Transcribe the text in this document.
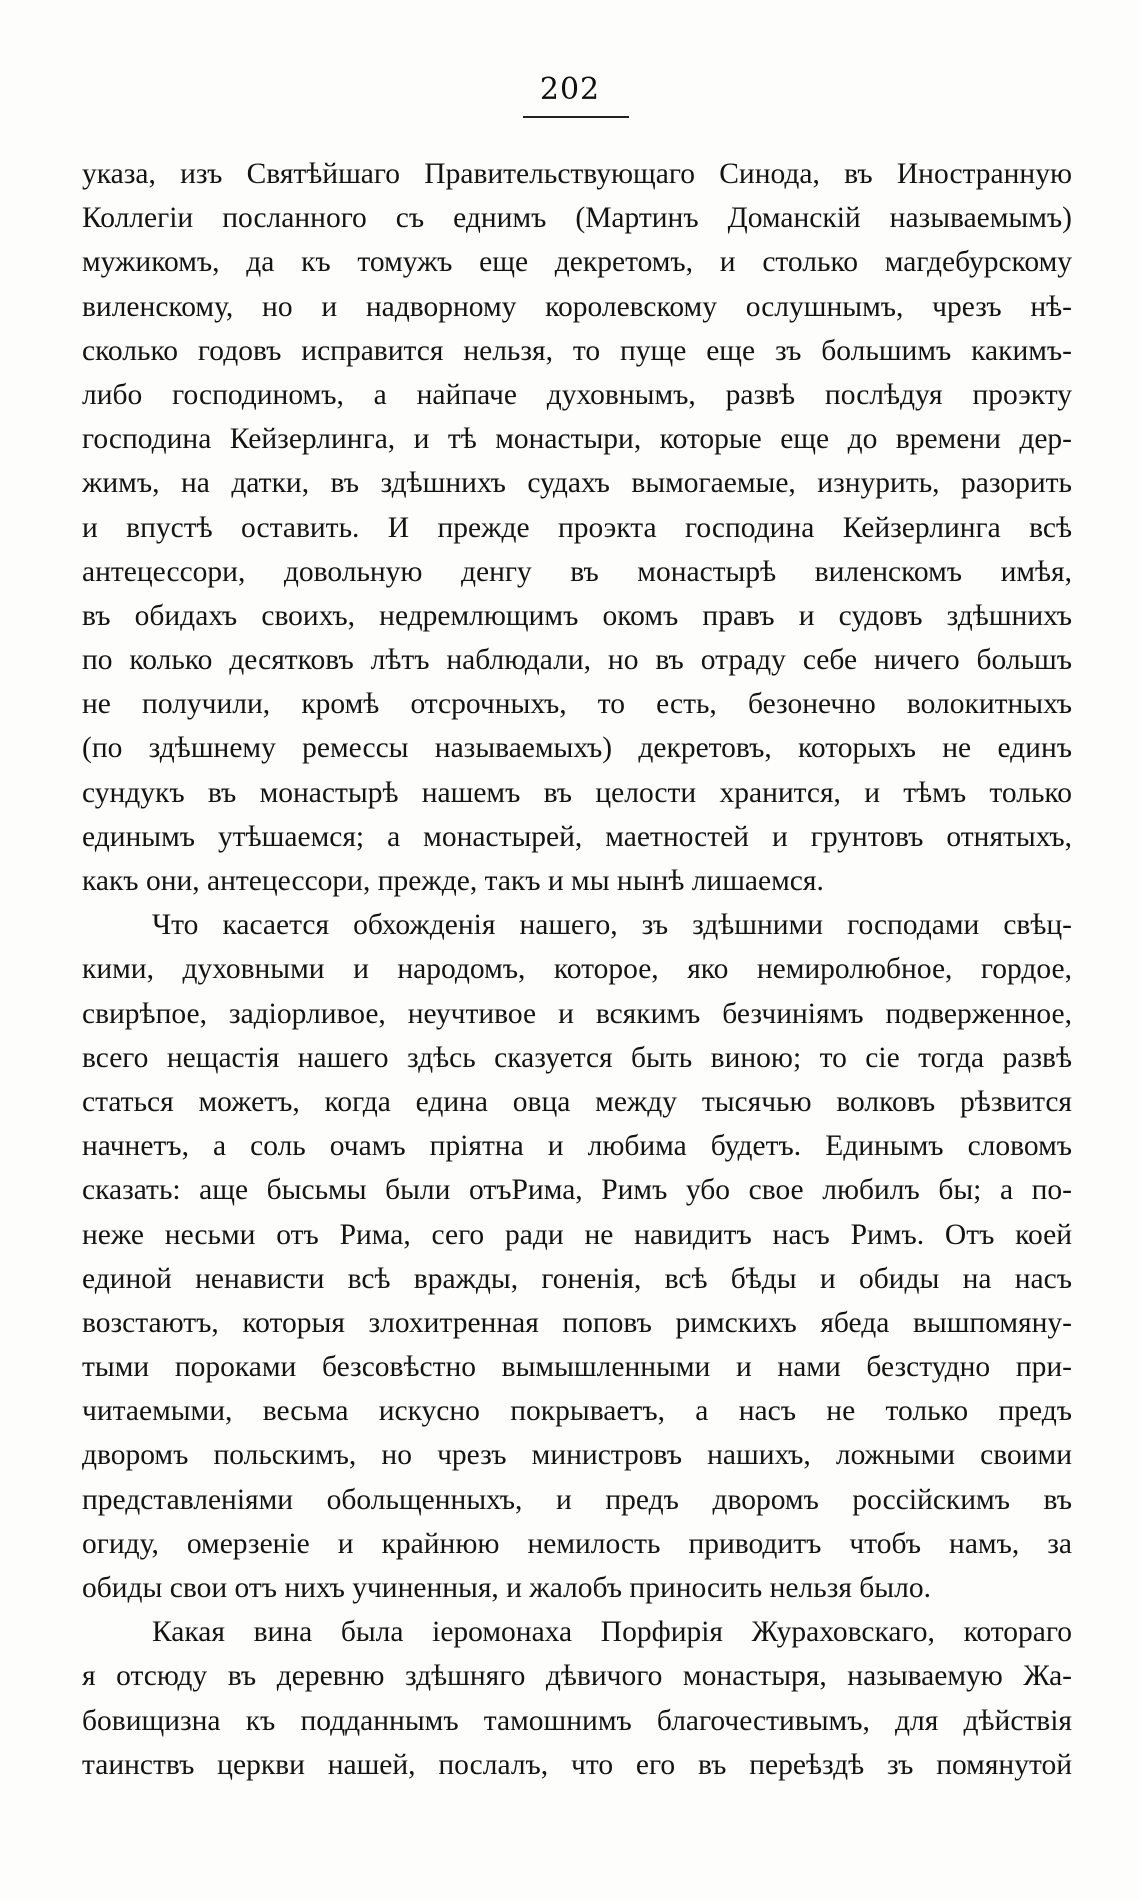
202
указа, изъ Святѣйшаго Правительствующаго Синода, въ Иностранную
Коллегіи посланного съ еднимъ (Мартинъ Доманскій называемымъ)
мужикомъ, да къ томужъ еще декретомъ, и столько магдебурскому
виленскому, но и надворному королевскому ослушнымъ, чрезъ нѣ-
сколько годовъ исправится нельзя, то пуще еще зъ большимъ какимъ-
либо господиномъ, а найпаче духовнымъ, развѣ послѣдуя проэкту
господина Кейзерлинга, и тѣ монастыри, которые еще до времени дер-
жимъ, на датки, въ здѣшнихъ судахъ вымогаемые, изнурить, разорить
и впустѣ оставить. И прежде проэкта господина Кейзерлинга всѣ
антецессори, довольную денгу въ монастырѣ виленскомъ имѣя,
въ обидахъ своихъ, недремлющимъ окомъ правъ и судовъ здѣшнихъ
по колько десятковъ лѣтъ наблюдали, но въ отраду себе ничего большъ
не получили, кромѣ отсрочныхъ, то есть, безонечно волокитныхъ
(по здѣшнему ремессы называемыхъ) декретовъ, которыхъ не единъ
сундукъ въ монастырѣ нашемъ въ целости хранится, и тѣмъ только
единымъ утѣшаемся; а монастырей, маетностей и грунтовъ отнятыхъ,
какъ они, антецессори, прежде, такъ и мы нынѣ лишаемся.
Что касается обхожденія нашего, зъ здѣшними господами свѣц-
кими, духовными и народомъ, которое, яко немиролюбное, гордое,
свирѣпое, задіорливое, неучтивое и всякимъ безчиніямъ подверженное,
всего нещастія нашего здѣсь сказуется быть виною; то сіе тогда развѣ
статься можетъ, когда едина овца между тысячью волковъ рѣзвится
начнетъ, а соль очамъ пріятна и любима будетъ. Единымъ словомъ
сказать: аще бысьмы были отъРима, Римъ убо свое любилъ бы; а по-
неже несьми отъ Рима, сего ради не навидитъ насъ Римъ. Отъ коей
единой ненависти всѣ вражды, гоненія, всѣ бѣды и обиды на насъ
возстаютъ, которыя злохитренная поповъ римскихъ ябеда вышпомяну-
тыми пороками безсовѣстно вымышленными и нами безстудно при-
читаемыми, весьма искусно покрываетъ, а насъ не только предъ
дворомъ польскимъ, но чрезъ министровъ нашихъ, ложными своими
представленіями обольщенныхъ, и предъ дворомъ россійскимъ въ
огиду, омерзеніе и крайнюю немилость приводитъ чтобъ намъ, за
обиды свои отъ нихъ учиненныя, и жалобъ приносить нельзя было.
Какая вина была іеромонаха Порфирія Жураховскаго, котораго
я отсюду въ деревню здѣшняго дѣвичого монастыря, называемую Жа-
бовищизна къ подданнымъ тамошнимъ благочестивымъ, для дѣйствія
таинствъ церкви нашей, послалъ, что его въ переѣздѣ зъ помянутой
